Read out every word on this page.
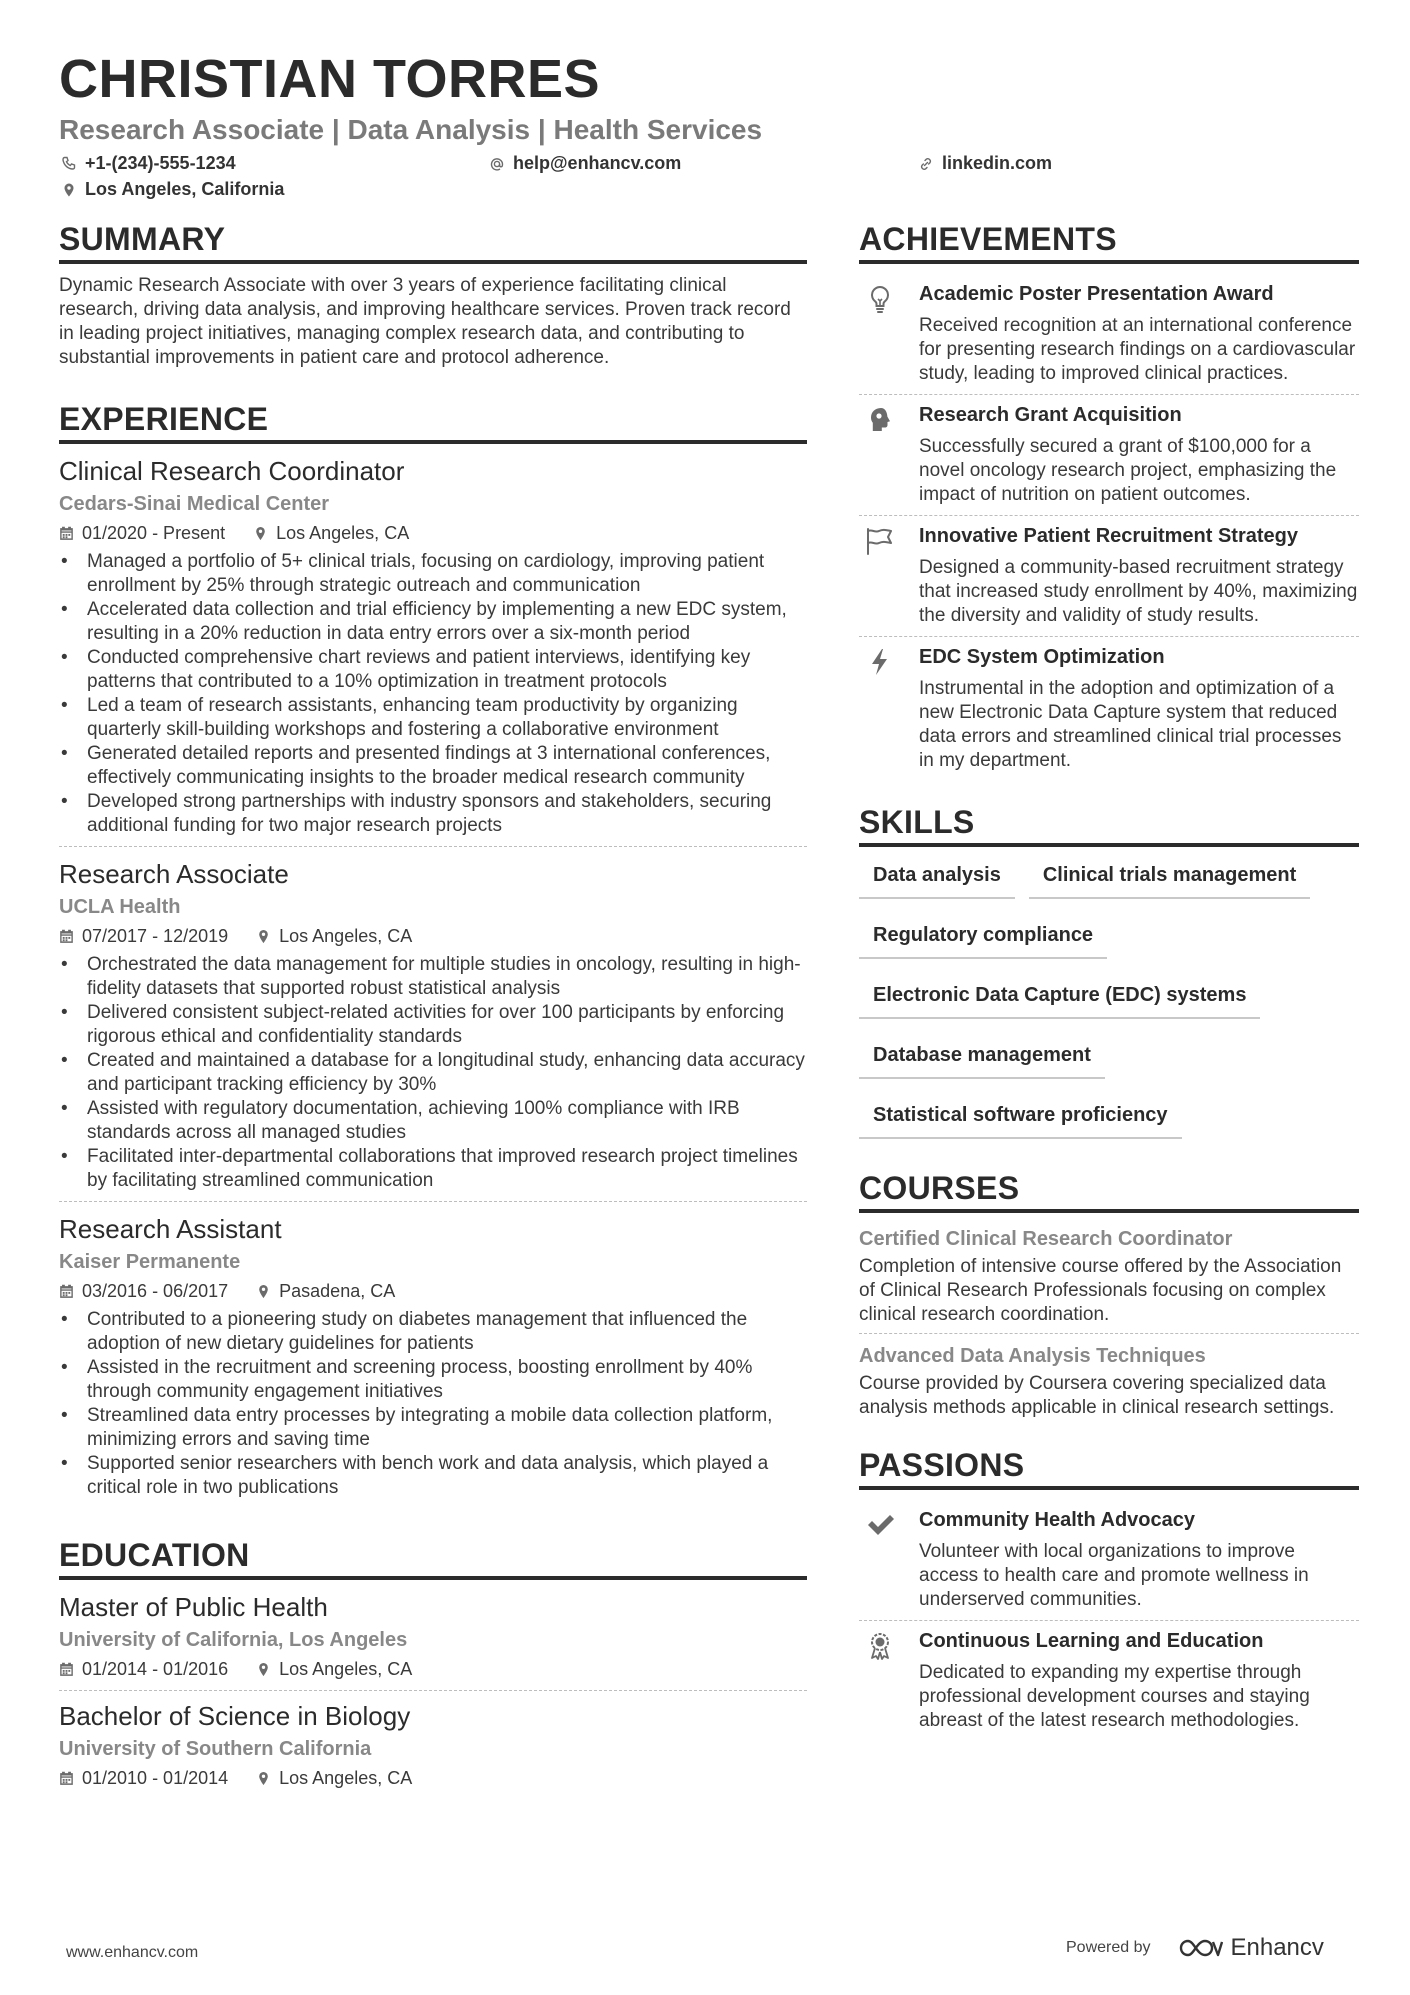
CHRISTIAN TORRES
Research Associate | Data Analysis | Health Services
+1-(234)-555-1234	help@enhancv.com	linkedin.com
Los Angeles, California
SUMMARY

Dynamic Research Associate with over 3 years of experience facilitating clinical research, driving data analysis, and improving healthcare services. Proven track record in leading project initiatives, managing complex research data, and contributing to substantial improvements in patient care and protocol adherence.

EXPERIENCE
Clinical Research Coordinator
Cedars-Sinai Medical Center
01/2020 - Present	Los Angeles, CA
• Managed a portfolio of 5+ clinical trials, focusing on cardiology, improving patient enrollment by 25% through strategic outreach and communication
• Accelerated data collection and trial efficiency by implementing a new EDC system, resulting in a 20% reduction in data entry errors over a six-month period
• Conducted comprehensive chart reviews and patient interviews, identifying key patterns that contributed to a 10% optimization in treatment protocols
• Led a team of research assistants, enhancing team productivity by organizing quarterly skill-building workshops and fostering a collaborative environment
• Generated detailed reports and presented findings at 3 international conferences, effectively communicating insights to the broader medical research community
• Developed strong partnerships with industry sponsors and stakeholders, securing additional funding for two major research projects
Research Associate
UCLA Health
07/2017 - 12/2019	Los Angeles, CA
• Orchestrated the data management for multiple studies in oncology, resulting in high-fidelity datasets that supported robust statistical analysis
• Delivered consistent subject-related activities for over 100 participants by enforcing rigorous ethical and confidentiality standards
• Created and maintained a database for a longitudinal study, enhancing data accuracy and participant tracking efficiency by 30%
• Assisted with regulatory documentation, achieving 100% compliance with IRB standards across all managed studies
• Facilitated inter-departmental collaborations that improved research project timelines by facilitating streamlined communication
Research Assistant
Kaiser Permanente
03/2016 - 06/2017	Pasadena, CA
• Contributed to a pioneering study on diabetes management that influenced the adoption of new dietary guidelines for patients
• Assisted in the recruitment and screening process, boosting enrollment by 40% through community engagement initiatives
• Streamlined data entry processes by integrating a mobile data collection platform, minimizing errors and saving time
• Supported senior researchers with bench work and data analysis, which played a critical role in two publications
EDUCATION
Master of Public Health
University of California, Los Angeles
01/2014 - 01/2016	Los Angeles, CA
Bachelor of Science in Biology
University of Southern California
01/2010 - 01/2014	Los Angeles, CA
ACHIEVEMENTS
Academic Poster Presentation Award
Received recognition at an international conference for presenting research findings on a cardiovascular study, leading to improved clinical practices.
Research Grant Acquisition
Successfully secured a grant of $100,000 for a novel oncology research project, emphasizing the impact of nutrition on patient outcomes.
Innovative Patient Recruitment Strategy
Designed a community-based recruitment strategy that increased study enrollment by 40%, maximizing the diversity and validity of study results.
EDC System Optimization
Instrumental in the adoption and optimization of a new Electronic Data Capture system that reduced data errors and streamlined clinical trial processes in my department.
SKILLS
Data analysis	Clinical trials management
Regulatory compliance
Electronic Data Capture (EDC) systems
Database management
Statistical software proficiency
COURSES
Certified Clinical Research Coordinator
Completion of intensive course offered by the Association of Clinical Research Professionals focusing on complex clinical research coordination.
Advanced Data Analysis Techniques
Course provided by Coursera covering specialized data analysis methods applicable in clinical research settings.
PASSIONS
Community Health Advocacy
Volunteer with local organizations to improve access to health care and promote wellness in underserved communities.
Continuous Learning and Education
Dedicated to expanding my expertise through professional development courses and staying abreast of the latest research methodologies.
www.enhancv.com	Powered by	Enhancv
